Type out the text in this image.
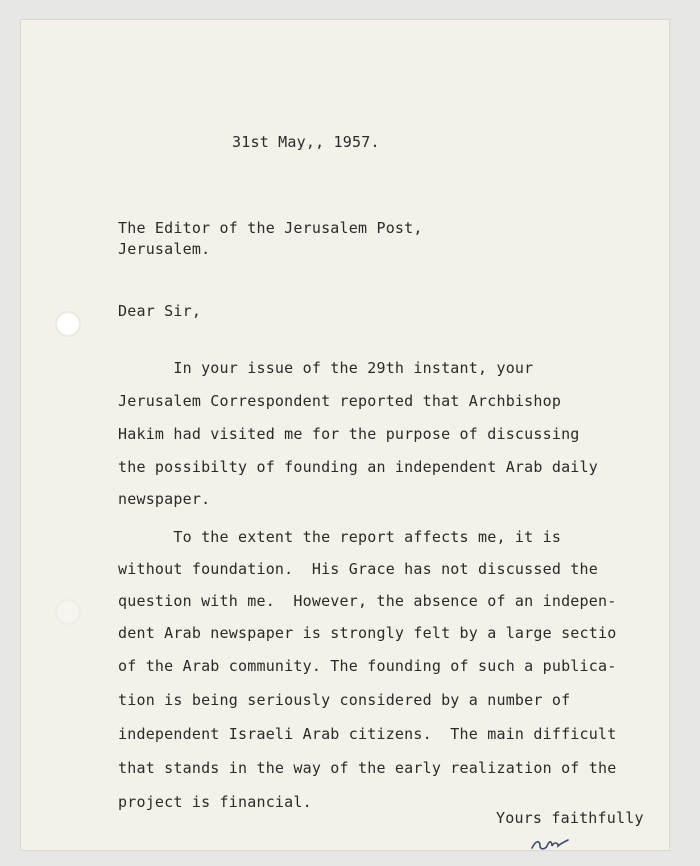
31st May,, 1957.
The Editor of the Jerusalem Post,
Jerusalem.
Dear Sir,
In your issue of the 29th instant, your
Jerusalem Correspondent reported that Archbishop
Hakim had visited me for the purpose of discussing
the possibilty of founding an independent Arab daily
newspaper.
To the extent the report affects me, it is
without foundation.  His Grace has not discussed the
question with me.  However, the absence of an indepen-
dent Arab newspaper is strongly felt by a large sectio
of the Arab community. The founding of such a publica-
tion is being seriously considered by a number of
independent Israeli Arab citizens.  The main difficult
that stands in the way of the early realization of the
project is financial.
Yours faithfully
